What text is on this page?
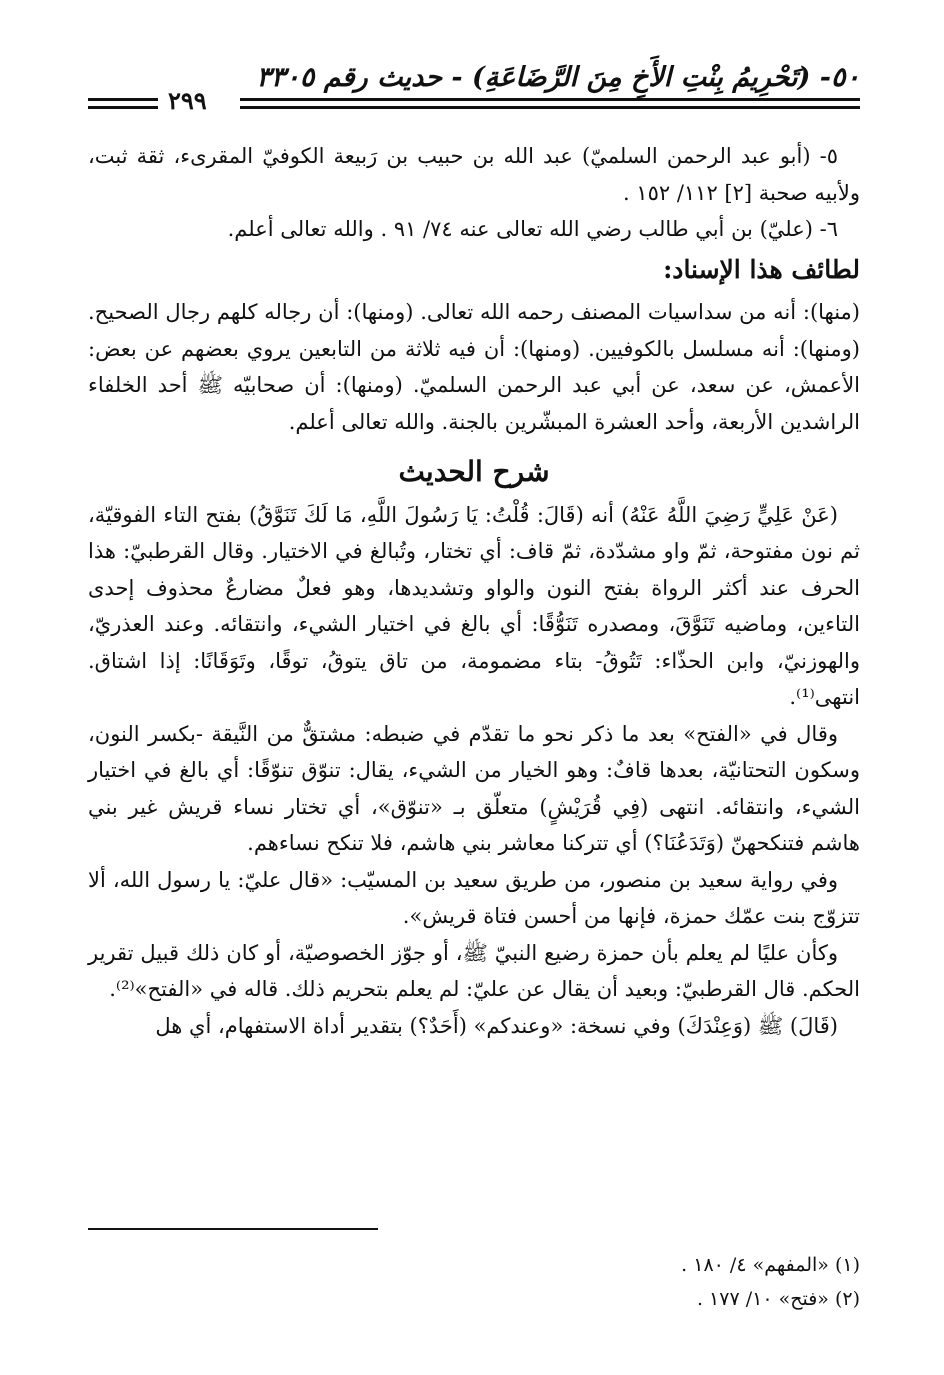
٥٠- (تَحْرِيمُ بِنْتِ الأَخِ مِنَ الرَّضَاعَةِ) - حديث رقم ٣٣٠٥
٢٩٩

٥- (أبو عبد الرحمن السلميّ) عبد الله بن حبيب بن رَبيعة الكوفيّ المقرىء، ثقة ثبت، ولأبيه صحبة [٢] ١١٢/ ١٥٢ .

٦- (عليّ) بن أبي طالب رضي الله تعالى عنه ٧٤/ ٩١ . والله تعالى أعلم.

لطائف هذا الإسناد:

(منها): أنه من سداسيات المصنف رحمه الله تعالى. (ومنها): أن رجاله كلهم رجال الصحيح. (ومنها): أنه مسلسل بالكوفيين. (ومنها): أن فيه ثلاثة من التابعين يروي بعضهم عن بعض: الأعمش، عن سعد، عن أبي عبد الرحمن السلميّ. (ومنها): أن صحابيّه ﷺ أحد الخلفاء الراشدين الأربعة، وأحد العشرة المبشّرين بالجنة. والله تعالى أعلم.

شرح الحديث

(عَنْ عَلِيٍّ رَضِيَ اللَّهُ عَنْهُ) أنه (قَالَ: قُلْتُ: يَا رَسُولَ اللَّهِ، مَا لَكَ تَنَوَّقُ) بفتح التاء الفوقيّة، ثم نون مفتوحة، ثمّ واو مشدّدة، ثمّ قاف: أي تختار، وتُبالغ في الاختيار. وقال القرطبيّ: هذا الحرف عند أكثر الرواة بفتح النون والواو وتشديدها، وهو فعلٌ مضارعٌ محذوف إحدى التاءين، وماضيه تَنَوَّقَ، ومصدره تَنَوُّقًا: أي بالغ في اختيار الشيء، وانتقائه. وعند العذريّ، والهوزنيّ، وابن الحذّاء: تَتُوقُ- بتاء مضمومة، من تاق يتوقُ، توقًا، وتَوَقَانًا: إذا اشتاق. انتهى⁽¹⁾.

وقال في «الفتح» بعد ما ذكر نحو ما تقدّم في ضبطه: مشتقٌّ من النَّيقة -بكسر النون، وسكون التحتانيّة، بعدها قافٌ: وهو الخيار من الشيء، يقال: تنوّق تنوّقًا: أي بالغ في اختيار الشيء، وانتقائه. انتهى (فِي قُرَيْشٍ) متعلّق بـ «تنوّق»، أي تختار نساء قريش غير بني هاشم فتنكحهنّ (وَتَدَعُنَا؟) أي تتركنا معاشر بني هاشم، فلا تنكح نساءهم.

وفي رواية سعيد بن منصور، من طريق سعيد بن المسيّب: «قال عليّ: يا رسول الله، ألا تتزوّج بنت عمّك حمزة، فإنها من أحسن فتاة قريش».

وكأن عليًا لم يعلم بأن حمزة رضيع النبيّ ﷺ، أو جوّز الخصوصيّة، أو كان ذلك قبيل تقرير الحكم. قال القرطبيّ: وبعيد أن يقال عن عليّ: لم يعلم بتحريم ذلك. قاله في «الفتح»⁽²⁾.

(قَالَ) ﷺ (وَعِنْدَكَ) وفي نسخة: «وعندكم» (أَحَدٌ؟) بتقدير أداة الاستفهام، أي هل

(١) «المفهم» ٤/ ١٨٠ .

(٢) «فتح» ١٠/ ١٧٧ .
